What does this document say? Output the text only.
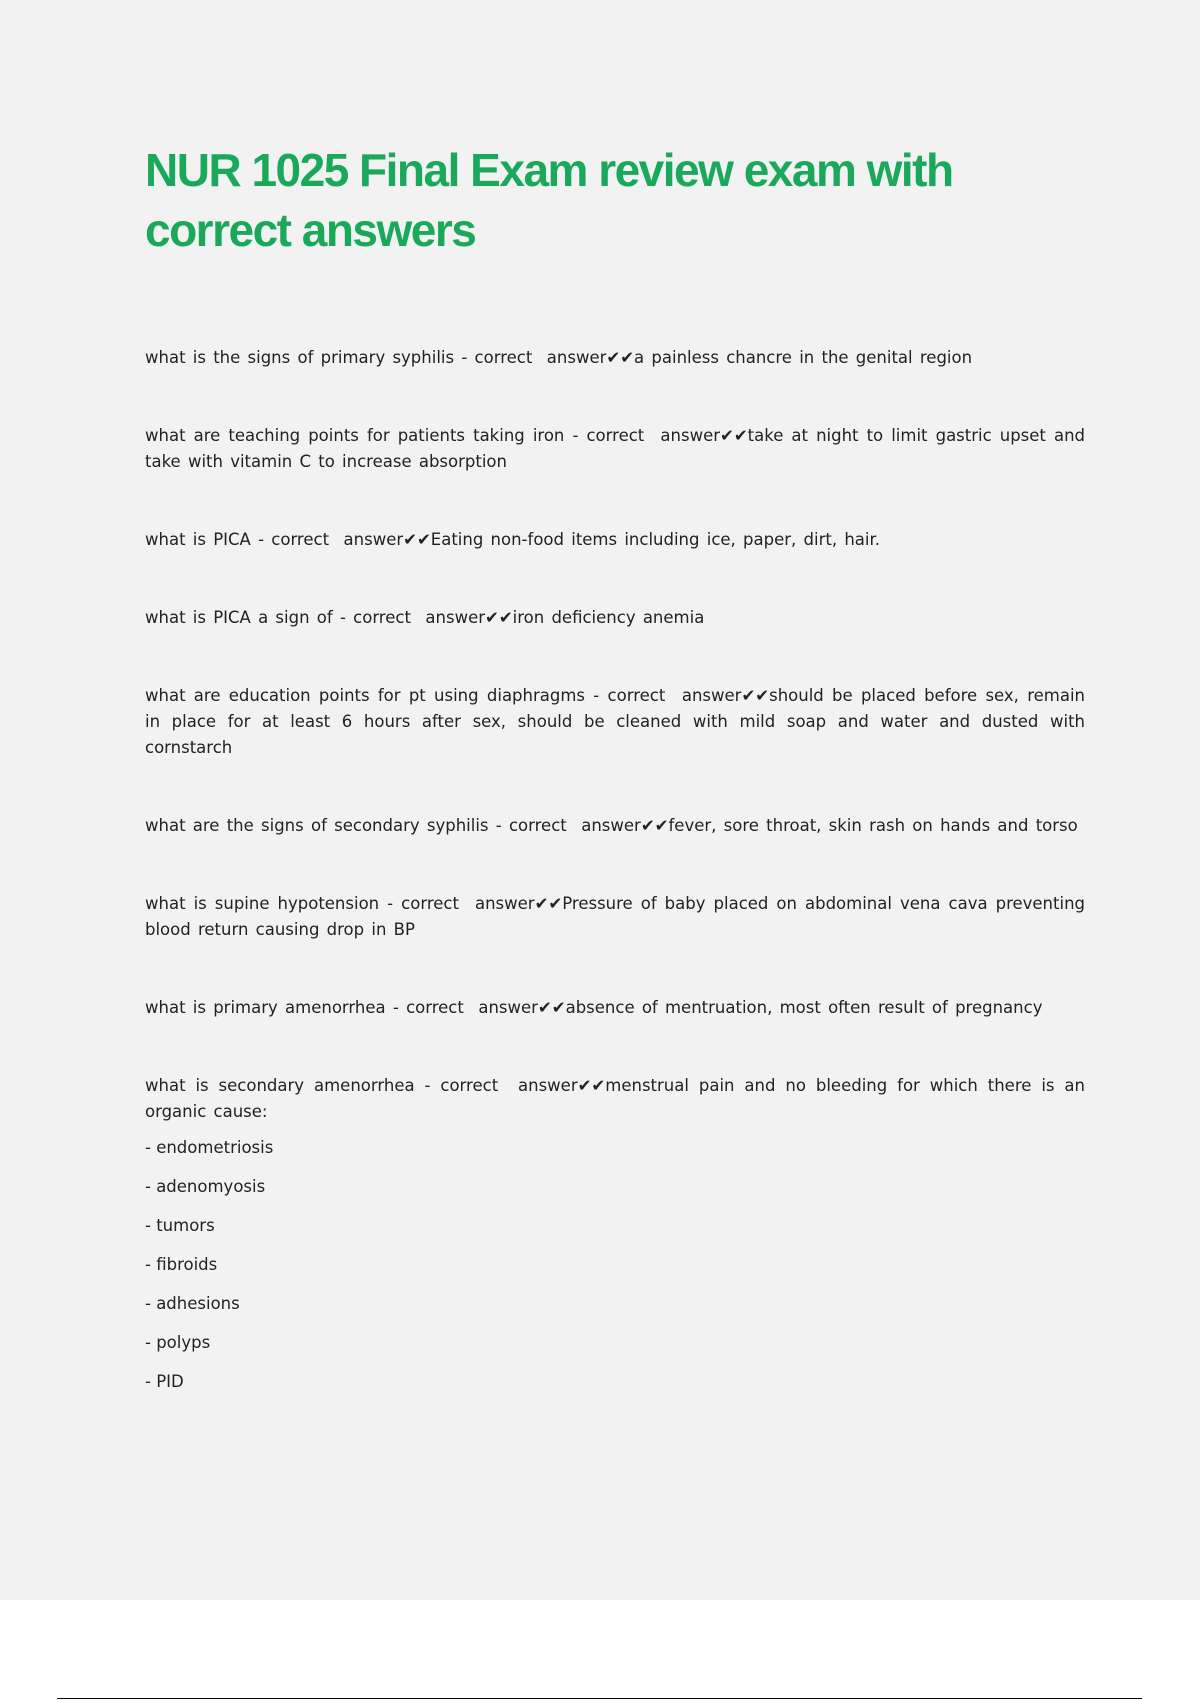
NUR 1025 Final Exam review exam with correct answers
what is the signs of primary syphilis - correct  answer✔✔a painless chancre in the genital region
what are teaching points for patients taking iron - correct  answer✔✔take at night to limit gastric upset and take with vitamin C to increase absorption
what is PICA - correct  answer✔✔Eating non-food items including ice, paper, dirt, hair.
what is PICA a sign of - correct  answer✔✔iron deficiency anemia
what are education points for pt using diaphragms - correct  answer✔✔should be placed before sex, remain in place for at least 6 hours after sex, should be cleaned with mild soap and water and dusted with cornstarch
what are the signs of secondary syphilis - correct  answer✔✔fever, sore throat, skin rash on hands and torso
what is supine hypotension - correct  answer✔✔Pressure of baby placed on abdominal vena cava preventing blood return causing drop in BP
what is primary amenorrhea - correct  answer✔✔absence of mentruation, most often result of pregnancy
what is secondary amenorrhea - correct  answer✔✔menstrual pain and no bleeding for which there is an organic cause:
- endometriosis
- adenomyosis
- tumors
- fibroids
- adhesions
- polyps
- PID
